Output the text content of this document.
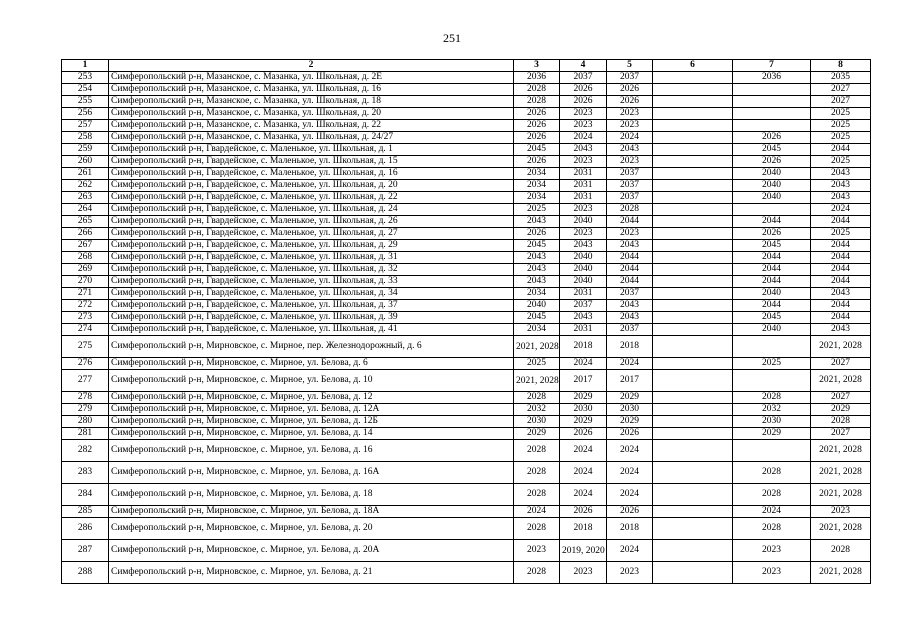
251
1	2	3	4	5	6	7	8
253	Симферопольский р-н, Мазанское, с. Мазанка, ул. Школьная, д. 2Е	2036	2037	2037		2036	2035
254	Симферопольский р-н, Мазанское, с. Мазанка, ул. Школьная, д. 16	2028	2026	2026			2027
255	Симферопольский р-н, Мазанское, с. Мазанка, ул. Школьная, д. 18	2028	2026	2026			2027
256	Симферопольский р-н, Мазанское, с. Мазанка, ул. Школьная, д. 20	2026	2023	2023			2025
257	Симферопольский р-н, Мазанское, с. Мазанка, ул. Школьная, д. 22	2026	2023	2023			2025
258	Симферопольский р-н, Мазанское, с. Мазанка, ул. Школьная, д. 24/27	2026	2024	2024		2026	2025
259	Симферопольский р-н, Гвардейское, с. Маленькое, ул. Школьная, д. 1	2045	2043	2043		2045	2044
260	Симферопольский р-н, Гвардейское, с. Маленькое, ул. Школьная, д. 15	2026	2023	2023		2026	2025
261	Симферопольский р-н, Гвардейское, с. Маленькое, ул. Школьная, д. 16	2034	2031	2037		2040	2043
262	Симферопольский р-н, Гвардейское, с. Маленькое, ул. Школьная, д. 20	2034	2031	2037		2040	2043
263	Симферопольский р-н, Гвардейское, с. Маленькое, ул. Школьная, д. 22	2034	2031	2037		2040	2043
264	Симферопольский р-н, Гвардейское, с. Маленькое, ул. Школьная, д. 24	2025	2023	2028			2024
265	Симферопольский р-н, Гвардейское, с. Маленькое, ул. Школьная, д. 26	2043	2040	2044		2044	2044
266	Симферопольский р-н, Гвардейское, с. Маленькое, ул. Школьная, д. 27	2026	2023	2023		2026	2025
267	Симферопольский р-н, Гвардейское, с. Маленькое, ул. Школьная, д. 29	2045	2043	2043		2045	2044
268	Симферопольский р-н, Гвардейское, с. Маленькое, ул. Школьная, д. 31	2043	2040	2044		2044	2044
269	Симферопольский р-н, Гвардейское, с. Маленькое, ул. Школьная, д. 32	2043	2040	2044		2044	2044
270	Симферопольский р-н, Гвардейское, с. Маленькое, ул. Школьная, д. 33	2043	2040	2044		2044	2044
271	Симферопольский р-н, Гвардейское, с. Маленькое, ул. Школьная, д. 34	2034	2031	2037		2040	2043
272	Симферопольский р-н, Гвардейское, с. Маленькое, ул. Школьная, д. 37	2040	2037	2043		2044	2044
273	Симферопольский р-н, Гвардейское, с. Маленькое, ул. Школьная, д. 39	2045	2043	2043		2045	2044
274	Симферопольский р-н, Гвардейское, с. Маленькое, ул. Школьная, д. 41	2034	2031	2037		2040	2043
275	Симферопольский р-н, Мирновское, с. Мирное, пер. Железнодорожный, д. 6	2021, 2028	2018	2018			2021, 2028
276	Симферопольский р-н, Мирновское, с. Мирное, ул. Белова, д. 6	2025	2024	2024		2025	2027
277	Симферопольский р-н, Мирновское, с. Мирное, ул. Белова, д. 10	2021, 2028	2017	2017			2021, 2028
278	Симферопольский р-н, Мирновское, с. Мирное, ул. Белова, д. 12	2028	2029	2029		2028	2027
279	Симферопольский р-н, Мирновское, с. Мирное, ул. Белова, д. 12А	2032	2030	2030		2032	2029
280	Симферопольский р-н, Мирновское, с. Мирное, ул. Белова, д. 12Б	2030	2029	2029		2030	2028
281	Симферопольский р-н, Мирновское, с. Мирное, ул. Белова, д. 14	2029	2026	2026		2029	2027
282	Симферопольский р-н, Мирновское, с. Мирное, ул. Белова, д. 16	2028	2024	2024			2021, 2028
283	Симферопольский р-н, Мирновское, с. Мирное, ул. Белова, д. 16А	2028	2024	2024		2028	2021, 2028
284	Симферопольский р-н, Мирновское, с. Мирное, ул. Белова, д. 18	2028	2024	2024		2028	2021, 2028
285	Симферопольский р-н, Мирновское, с. Мирное, ул. Белова, д. 18А	2024	2026	2026		2024	2023
286	Симферопольский р-н, Мирновское, с. Мирное, ул. Белова, д. 20	2028	2018	2018		2028	2021, 2028
287	Симферопольский р-н, Мирновское, с. Мирное, ул. Белова, д. 20А	2023	2019, 2020	2024		2023	2028
288	Симферопольский р-н, Мирновское, с. Мирное, ул. Белова, д. 21	2028	2023	2023		2023	2021, 2028
